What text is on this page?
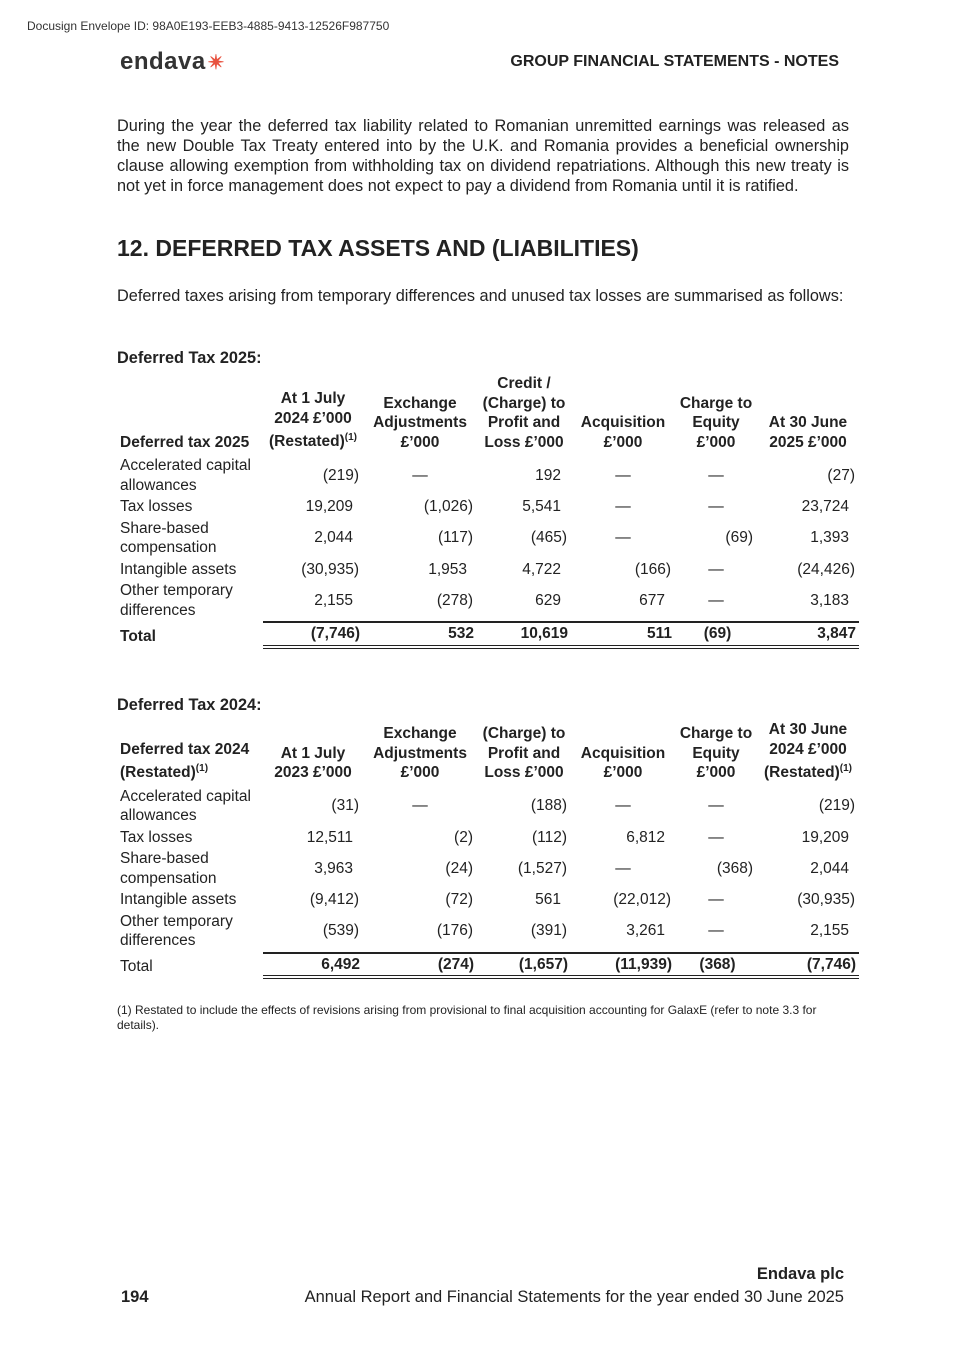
Docusign Envelope ID: 98A0E193-EEB3-4885-9413-12526F987750
endava ✴	GROUP FINANCIAL STATEMENTS - NOTES
During the year the deferred tax liability related to Romanian unremitted earnings was released as the new Double Tax Treaty entered into by the U.K. and Romania provides a beneficial ownership clause allowing exemption from withholding tax on dividend repatriations. Although this new treaty is not yet in force management does not expect to pay a dividend from Romania until it is ratified.
12. DEFERRED TAX ASSETS AND (LIABILITIES)
Deferred taxes arising from temporary differences and unused tax losses are summarised as follows:
Deferred Tax 2025:
Deferred tax 2025	At 1 July 2024 £’000 (Restated)$^{(1)}$	Exchange Adjustments £’000	Credit / (Charge) to Profit and Loss £’000	Acquisition £’000	Charge to Equity £’000	At 30 June 2025 £’000
Accelerated capital allowances	(219)	—	192	—	—	(27)
Tax losses	19,209	(1,026)	5,541	—	—	23,724
Share-based compensation	2,044	(117)	(465)	—	(69)	1,393
Intangible assets	(30,935)	1,953	4,722	(166)	—	(24,426)
Other temporary differences	2,155	(278)	629	677	—	3,183
Total	(7,746)	532	10,619	511	(69)	3,847
Deferred Tax 2024:
Deferred tax 2024 (Restated)$^{(1)}$	At 1 July 2023 £’000	Exchange Adjustments £’000	(Charge) to Profit and Loss £’000	Acquisition £’000	Charge to Equity £’000	At 30 June 2024 £’000 (Restated)$^{(1)}$
Accelerated capital allowances	(31)	—	(188)	—	—	(219)
Tax losses	12,511	(2)	(112)	6,812	—	19,209
Share-based compensation	3,963	(24)	(1,527)	—	(368)	2,044
Intangible assets	(9,412)	(72)	561	(22,012)	—	(30,935)
Other temporary differences	(539)	(176)	(391)	3,261	—	2,155
Total	6,492	(274)	(1,657)	(11,939)	(368)	(7,746)
(1) Restated to include the effects of revisions arising from provisional to final acquisition accounting for GalaxE (refer to note 3.3 for details).
Endava plc
194	Annual Report and Financial Statements for the year ended 30 June 2025
